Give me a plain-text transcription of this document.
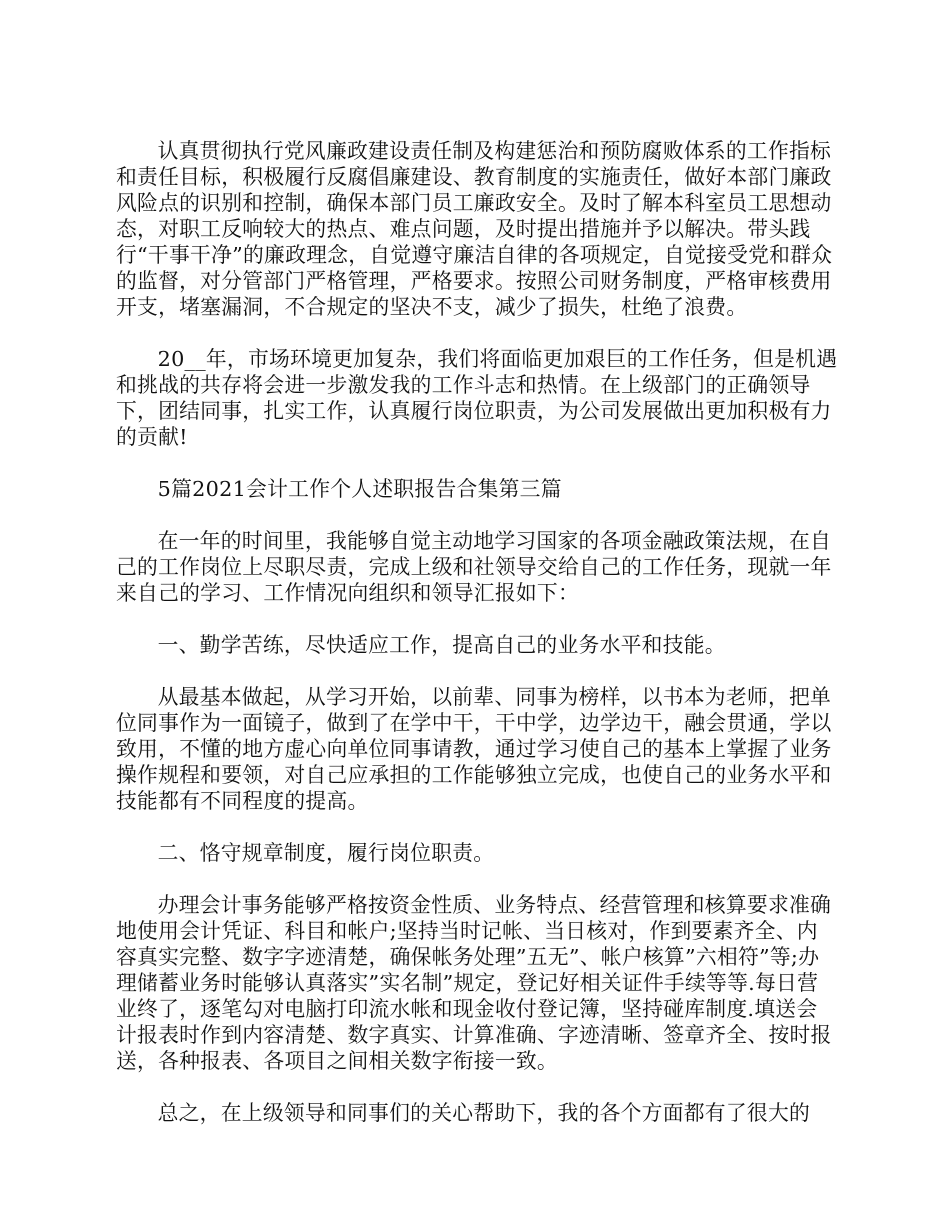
认真贯彻执行党风廉政建设责任制及构建惩治和预防腐败体系的工作指标和责任目标，积极履行反腐倡廉建设、教育制度的实施责任，做好本部门廉政风险点的识别和控制，确保本部门员工廉政安全。及时了解本科室员工思想动态，对职工反响较大的热点、难点问题，及时提出措施并予以解决。带头践行“干事干净”的廉政理念，自觉遵守廉洁自律的各项规定，自觉接受党和群众的监督，对分管部门严格管理，严格要求。按照公司财务制度，严格审核费用开支，堵塞漏洞，不合规定的坚决不支，减少了损失，杜绝了浪费。

20__年，市场环境更加复杂，我们将面临更加艰巨的工作任务，但是机遇和挑战的共存将会进一步激发我的工作斗志和热情。在上级部门的正确领导下，团结同事，扎实工作，认真履行岗位职责，为公司发展做出更加积极有力的贡献!

5篇2021会计工作个人述职报告合集第三篇

在一年的时间里，我能够自觉主动地学习国家的各项金融政策法规，在自己的工作岗位上尽职尽责，完成上级和社领导交给自己的工作任务，现就一年来自己的学习、工作情况向组织和领导汇报如下：

一、勤学苦练，尽快适应工作，提高自己的业务水平和技能。

从最基本做起，从学习开始，以前辈、同事为榜样，以书本为老师，把单位同事作为一面镜子，做到了在学中干，干中学，边学边干，融会贯通，学以致用，不懂的地方虚心向单位同事请教，通过学习使自己的基本上掌握了业务操作规程和要领，对自己应承担的工作能够独立完成，也使自己的业务水平和技能都有不同程度的提高。

二、恪守规章制度，履行岗位职责。

办理会计事务能够严格按资金性质、业务特点、经营管理和核算要求准确地使用会计凭证、科目和帐户;坚持当时记帐、当日核对，作到要素齐全、内容真实完整、数字字迹清楚，确保帐务处理”五无”、帐户核算”六相符”等;办理储蓄业务时能够认真落实”实名制”规定，登记好相关证件手续等等.每日营业终了，逐笔勾对电脑打印流水帐和现金收付登记簿，坚持碰库制度.填送会计报表时作到内容清楚、数字真实、计算准确、字迹清晰、签章齐全、按时报送，各种报表、各项目之间相关数字衔接一致。

总之，在上级领导和同事们的关心帮助下，我的各个方面都有了很大的
